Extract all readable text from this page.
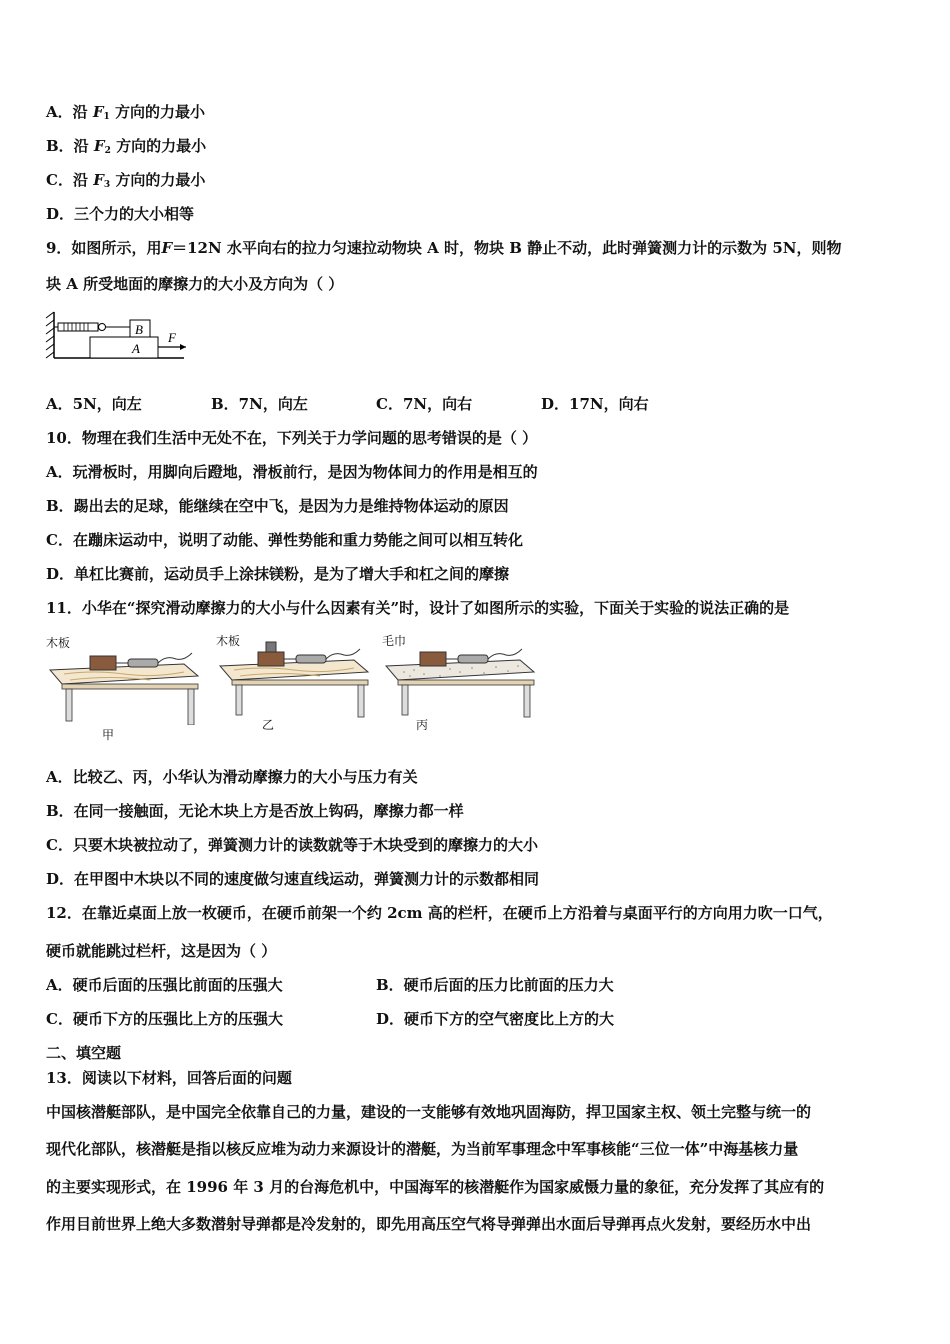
A．沿 $F_1$ 方向的力最小
B．沿 $F_2$ 方向的力最小
C．沿 $F_3$ 方向的力最小
D．三个力的大小相等
9．如图所示，用F＝12N 水平向右的拉力匀速拉动物块 A 时，物块 B 静止不动，此时弹簧测力计的示数为 5N，则物
块 A 所受地面的摩擦力的大小及方向为（ ）
B
A
F
A．5N，向左	B．7N，向左	C．7N，向右	D．17N，向右
10．物理在我们生活中无处不在，下列关于力学问题的思考错误的是（ ）
A．玩滑板时，用脚向后蹬地，滑板前行，是因为物体间力的作用是相互的
B．踢出去的足球，能继续在空中飞，是因为力是维持物体运动的原因
C．在蹦床运动中，说明了动能、弹性势能和重力势能之间可以相互转化
D．单杠比赛前，运动员手上涂抹镁粉，是为了增大手和杠之间的摩擦
11．小华在“探究滑动摩擦力的大小与什么因素有关”时，设计了如图所示的实验，下面关于实验的说法正确的是
木板
甲
木板
乙
毛巾
丙
A．比较乙、丙，小华认为滑动摩擦力的大小与压力有关
B．在同一接触面，无论木块上方是否放上钩码，摩擦力都一样
C．只要木块被拉动了，弹簧测力计的读数就等于木块受到的摩擦力的大小
D．在甲图中木块以不同的速度做匀速直线运动，弹簧测力计的示数都相同
12．在靠近桌面上放一枚硬币，在硬币前架一个约 2cm 高的栏杆，在硬币上方沿着与桌面平行的方向用力吹一口气，
硬币就能跳过栏杆，这是因为（ ）
A．硬币后面的压强比前面的压强大	B．硬币后面的压力比前面的压力大
C．硬币下方的压强比上方的压强大	D．硬币下方的空气密度比上方的大
二、填空题
13．阅读以下材料，回答后面的问题
中国核潜艇部队，是中国完全依靠自己的力量，建设的一支能够有效地巩固海防，捍卫国家主权、领土完整与统一的
现代化部队，核潜艇是指以核反应堆为动力来源设计的潜艇，为当前军事理念中军事核能“三位一体”中海基核力量
的主要实现形式，在 1996 年 3 月的台海危机中，中国海军的核潜艇作为国家威慑力量的象征，充分发挥了其应有的
作用目前世界上绝大多数潜射导弹都是冷发射的，即先用高压空气将导弹弹出水面后导弹再点火发射，要经历水中出
